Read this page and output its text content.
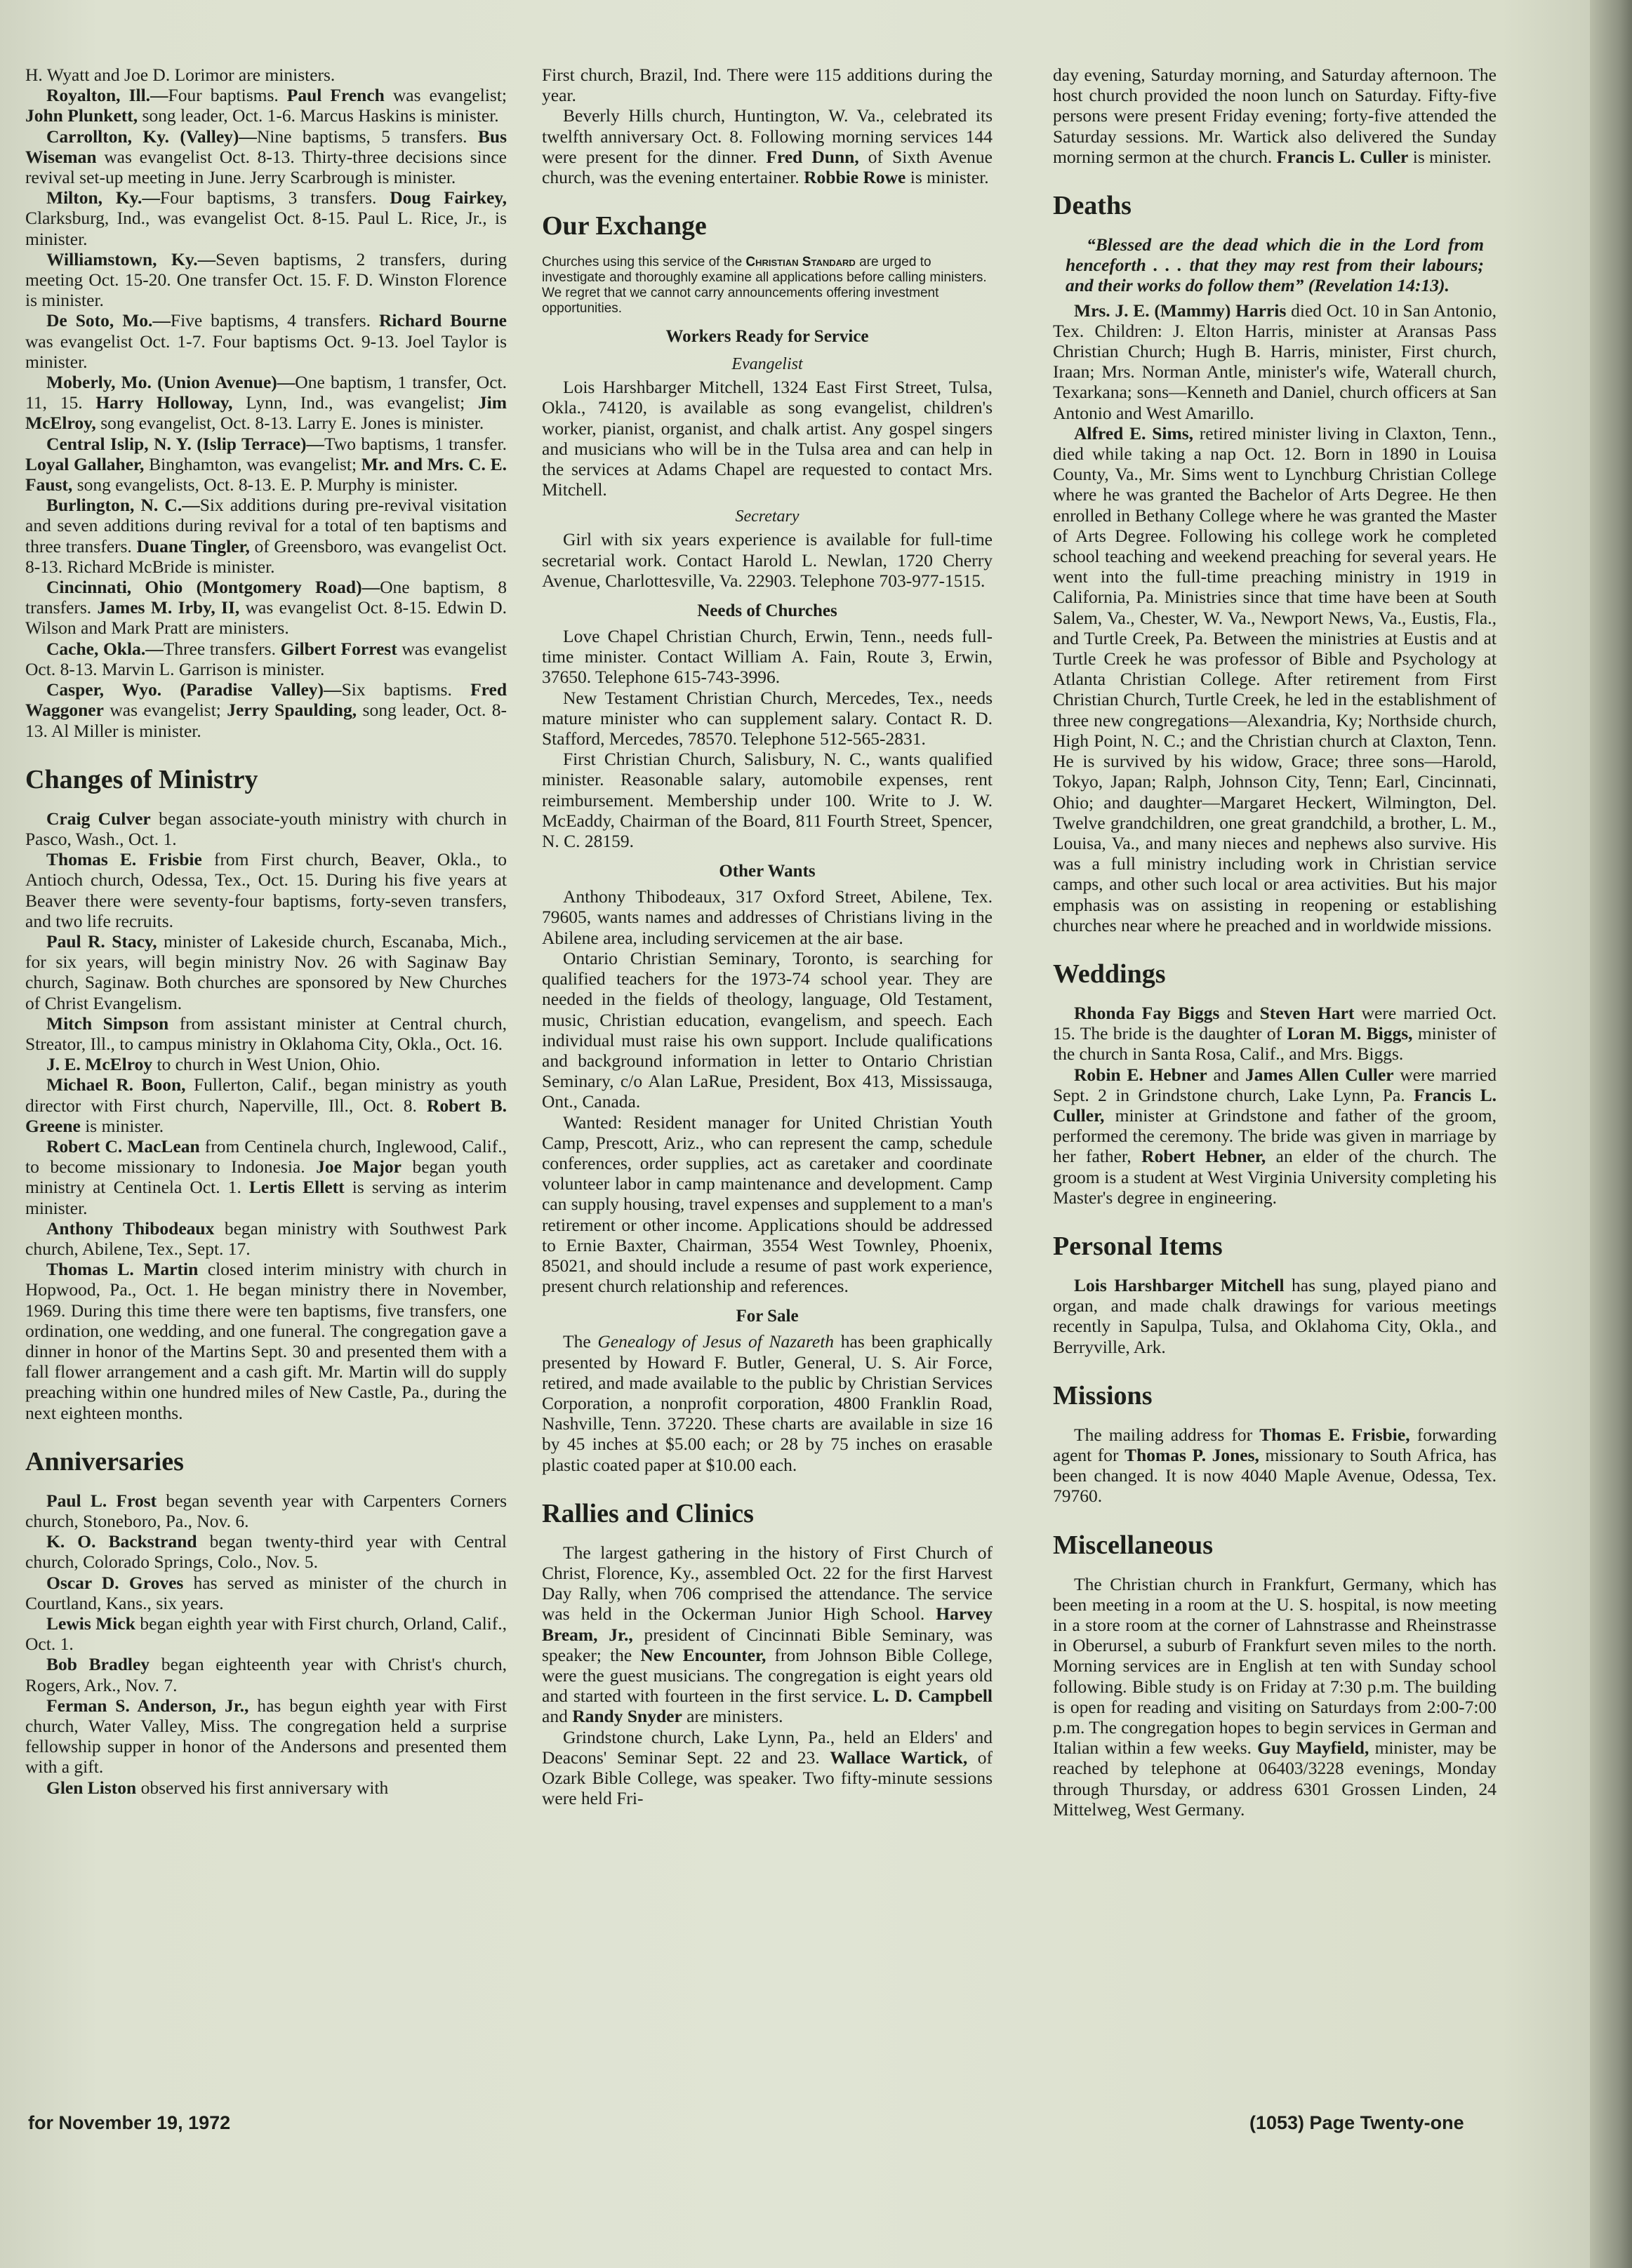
H. Wyatt and Joe D. Lorimor are ministers.

Royalton, Ill.—Four baptisms. Paul French was evangelist; John Plunkett, song leader, Oct. 1-6. Marcus Haskins is minister.

Carrollton, Ky. (Valley)—Nine baptisms, 5 transfers. Bus Wiseman was evangelist Oct. 8-13. Thirty-three decisions since revival set-up meeting in June. Jerry Scarbrough is minister.

Milton, Ky.—Four baptisms, 3 transfers. Doug Fairkey, Clarksburg, Ind., was evangelist Oct. 8-15. Paul L. Rice, Jr., is minister.

Williamstown, Ky.—Seven baptisms, 2 transfers, during meeting Oct. 15-20. One transfer Oct. 15. F. D. Winston Florence is minister.

De Soto, Mo.—Five baptisms, 4 transfers. Richard Bourne was evangelist Oct. 1-7. Four baptisms Oct. 9-13. Joel Taylor is minister.

Moberly, Mo. (Union Avenue)—One baptism, 1 transfer, Oct. 11, 15. Harry Holloway, Lynn, Ind., was evangelist; Jim McElroy, song evangelist, Oct. 8-13. Larry E. Jones is minister.

Central Islip, N. Y. (Islip Terrace)—Two baptisms, 1 transfer. Loyal Gallaher, Binghamton, was evangelist; Mr. and Mrs. C. E. Faust, song evangelists, Oct. 8-13. E. P. Murphy is minister.

Burlington, N. C.—Six additions during pre-revival visitation and seven additions during revival for a total of ten baptisms and three transfers. Duane Tingler, of Greensboro, was evangelist Oct. 8-13. Richard McBride is minister.

Cincinnati, Ohio (Montgomery Road)—One baptism, 8 transfers. James M. Irby, II, was evangelist Oct. 8-15. Edwin D. Wilson and Mark Pratt are ministers.

Cache, Okla.—Three transfers. Gilbert Forrest was evangelist Oct. 8-13. Marvin L. Garrison is minister.

Casper, Wyo. (Paradise Valley)—Six baptisms. Fred Waggoner was evangelist; Jerry Spaulding, song leader, Oct. 8-13. Al Miller is minister.

Changes of Ministry

Craig Culver began associate-youth ministry with church in Pasco, Wash., Oct. 1.

Thomas E. Frisbie from First church, Beaver, Okla., to Antioch church, Odessa, Tex., Oct. 15. During his five years at Beaver there were seventy-four baptisms, forty-seven transfers, and two life recruits.

Paul R. Stacy, minister of Lakeside church, Escanaba, Mich., for six years, will begin ministry Nov. 26 with Saginaw Bay church, Saginaw. Both churches are sponsored by New Churches of Christ Evangelism.

Mitch Simpson from assistant minister at Central church, Streator, Ill., to campus ministry in Oklahoma City, Okla., Oct. 16.

J. E. McElroy to church in West Union, Ohio.

Michael R. Boon, Fullerton, Calif., began ministry as youth director with First church, Naperville, Ill., Oct. 8. Robert B. Greene is minister.

Robert C. MacLean from Centinela church, Inglewood, Calif., to become missionary to Indonesia. Joe Major began youth ministry at Centinela Oct. 1. Lertis Ellett is serving as interim minister.

Anthony Thibodeaux began ministry with Southwest Park church, Abilene, Tex., Sept. 17.

Thomas L. Martin closed interim ministry with church in Hopwood, Pa., Oct. 1. He began ministry there in November, 1969. During this time there were ten baptisms, five transfers, one ordination, one wedding, and one funeral. The congregation gave a dinner in honor of the Martins Sept. 30 and presented them with a fall flower arrangement and a cash gift. Mr. Martin will do supply preaching within one hundred miles of New Castle, Pa., during the next eighteen months.

Anniversaries

Paul L. Frost began seventh year with Carpenters Corners church, Stoneboro, Pa., Nov. 6.

K. O. Backstrand began twenty-third year with Central church, Colorado Springs, Colo., Nov. 5.

Oscar D. Groves has served as minister of the church in Courtland, Kans., six years.

Lewis Mick began eighth year with First church, Orland, Calif., Oct. 1.

Bob Bradley began eighteenth year with Christ's church, Rogers, Ark., Nov. 7.

Ferman S. Anderson, Jr., has begun eighth year with First church, Water Valley, Miss. The congregation held a surprise fellowship supper in honor of the Andersons and presented them with a gift.

Glen Liston observed his first anniversary with

First church, Brazil, Ind. There were 115 additions during the year.

Beverly Hills church, Huntington, W. Va., celebrated its twelfth anniversary Oct. 8. Following morning services 144 were present for the dinner. Fred Dunn, of Sixth Avenue church, was the evening entertainer. Robbie Rowe is minister.

Our Exchange

Churches using this service of the Christian Standard are urged to investigate and thoroughly examine all applications before calling ministers.

We regret that we cannot carry announcements offering investment opportunities.

Workers Ready for Service
Evangelist

Lois Harshbarger Mitchell, 1324 East First Street, Tulsa, Okla., 74120, is available as song evangelist, children's worker, pianist, organist, and chalk artist. Any gospel singers and musicians who will be in the Tulsa area and can help in the services at Adams Chapel are requested to contact Mrs. Mitchell.

Secretary

Girl with six years experience is available for full-time secretarial work. Contact Harold L. Newlan, 1720 Cherry Avenue, Charlottesville, Va. 22903. Telephone 703-977-1515.

Needs of Churches

Love Chapel Christian Church, Erwin, Tenn., needs full-time minister. Contact William A. Fain, Route 3, Erwin, 37650. Telephone 615-743-3996.

New Testament Christian Church, Mercedes, Tex., needs mature minister who can supplement salary. Contact R. D. Stafford, Mercedes, 78570. Telephone 512-565-2831.

First Christian Church, Salisbury, N. C., wants qualified minister. Reasonable salary, automobile expenses, rent reimbursement. Membership under 100. Write to J. W. McEaddy, Chairman of the Board, 811 Fourth Street, Spencer, N. C. 28159.

Other Wants

Anthony Thibodeaux, 317 Oxford Street, Abilene, Tex. 79605, wants names and addresses of Christians living in the Abilene area, including servicemen at the air base.

Ontario Christian Seminary, Toronto, is searching for qualified teachers for the 1973-74 school year. They are needed in the fields of theology, language, Old Testament, music, Christian education, evangelism, and speech. Each individual must raise his own support. Include qualifications and background information in letter to Ontario Christian Seminary, c/o Alan LaRue, President, Box 413, Mississauga, Ont., Canada.

Wanted: Resident manager for United Christian Youth Camp, Prescott, Ariz., who can represent the camp, schedule conferences, order supplies, act as caretaker and coordinate volunteer labor in camp maintenance and development. Camp can supply housing, travel expenses and supplement to a man's retirement or other income. Applications should be addressed to Ernie Baxter, Chairman, 3554 West Townley, Phoenix, 85021, and should include a resume of past work experience, present church relationship and references.

For Sale

The Genealogy of Jesus of Nazareth has been graphically presented by Howard F. Butler, General, U. S. Air Force, retired, and made available to the public by Christian Services Corporation, a nonprofit corporation, 4800 Franklin Road, Nashville, Tenn. 37220. These charts are available in size 16 by 45 inches at $5.00 each; or 28 by 75 inches on erasable plastic coated paper at $10.00 each.

Rallies and Clinics

The largest gathering in the history of First Church of Christ, Florence, Ky., assembled Oct. 22 for the first Harvest Day Rally, when 706 comprised the attendance. The service was held in the Ockerman Junior High School. Harvey Bream, Jr., president of Cincinnati Bible Seminary, was speaker; the New Encounter, from Johnson Bible College, were the guest musicians. The congregation is eight years old and started with fourteen in the first service. L. D. Campbell and Randy Snyder are ministers.

Grindstone church, Lake Lynn, Pa., held an Elders' and Deacons' Seminar Sept. 22 and 23. Wallace Wartick, of Ozark Bible College, was speaker. Two fifty-minute sessions were held Fri-

day evening, Saturday morning, and Saturday afternoon. The host church provided the noon lunch on Saturday. Fifty-five persons were present Friday evening; forty-five attended the Saturday sessions. Mr. Wartick also delivered the Sunday morning sermon at the church. Francis L. Culler is minister.

Deaths

“Blessed are the dead which die in the Lord from henceforth . . . that they may rest from their labours; and their works do follow them” (Revelation 14:13).

Mrs. J. E. (Mammy) Harris died Oct. 10 in San Antonio, Tex. Children: J. Elton Harris, minister at Aransas Pass Christian Church; Hugh B. Harris, minister, First church, Iraan; Mrs. Norman Antle, minister's wife, Waterall church, Texarkana; sons—Kenneth and Daniel, church officers at San Antonio and West Amarillo.

Alfred E. Sims, retired minister living in Claxton, Tenn., died while taking a nap Oct. 12. Born in 1890 in Louisa County, Va., Mr. Sims went to Lynchburg Christian College where he was granted the Bachelor of Arts Degree. He then enrolled in Bethany College where he was granted the Master of Arts Degree. Following his college work he completed school teaching and weekend preaching for several years. He went into the full-time preaching ministry in 1919 in California, Pa. Ministries since that time have been at South Salem, Va., Chester, W. Va., Newport News, Va., Eustis, Fla., and Turtle Creek, Pa. Between the ministries at Eustis and at Turtle Creek he was professor of Bible and Psychology at Atlanta Christian College. After retirement from First Christian Church, Turtle Creek, he led in the establishment of three new congregations—Alexandria, Ky; Northside church, High Point, N. C.; and the Christian church at Claxton, Tenn. He is survived by his widow, Grace; three sons—Harold, Tokyo, Japan; Ralph, Johnson City, Tenn; Earl, Cincinnati, Ohio; and daughter—Margaret Heckert, Wilmington, Del. Twelve grandchildren, one great grandchild, a brother, L. M., Louisa, Va., and many nieces and nephews also survive. His was a full ministry including work in Christian service camps, and other such local or area activities. But his major emphasis was on assisting in reopening or establishing churches near where he preached and in worldwide missions.

Weddings

Rhonda Fay Biggs and Steven Hart were married Oct. 15. The bride is the daughter of Loran M. Biggs, minister of the church in Santa Rosa, Calif., and Mrs. Biggs.

Robin E. Hebner and James Allen Culler were married Sept. 2 in Grindstone church, Lake Lynn, Pa. Francis L. Culler, minister at Grindstone and father of the groom, performed the ceremony. The bride was given in marriage by her father, Robert Hebner, an elder of the church. The groom is a student at West Virginia University completing his Master's degree in engineering.

Personal Items

Lois Harshbarger Mitchell has sung, played piano and organ, and made chalk drawings for various meetings recently in Sapulpa, Tulsa, and Oklahoma City, Okla., and Berryville, Ark.

Missions

The mailing address for Thomas E. Frisbie, forwarding agent for Thomas P. Jones, missionary to South Africa, has been changed. It is now 4040 Maple Avenue, Odessa, Tex. 79760.

Miscellaneous

The Christian church in Frankfurt, Germany, which has been meeting in a room at the U. S. hospital, is now meeting in a store room at the corner of Lahnstrasse and Rheinstrasse in Oberursel, a suburb of Frankfurt seven miles to the north. Morning services are in English at ten with Sunday school following. Bible study is on Friday at 7:30 p.m. The building is open for reading and visiting on Saturdays from 2:00-7:00 p.m. The congregation hopes to begin services in German and Italian within a few weeks. Guy Mayfield, minister, may be reached by telephone at 06403/3228 evenings, Monday through Thursday, or address 6301 Grossen Linden, 24 Mittelweg, West Germany.

for November 19, 1972	(1053) Page Twenty-one
